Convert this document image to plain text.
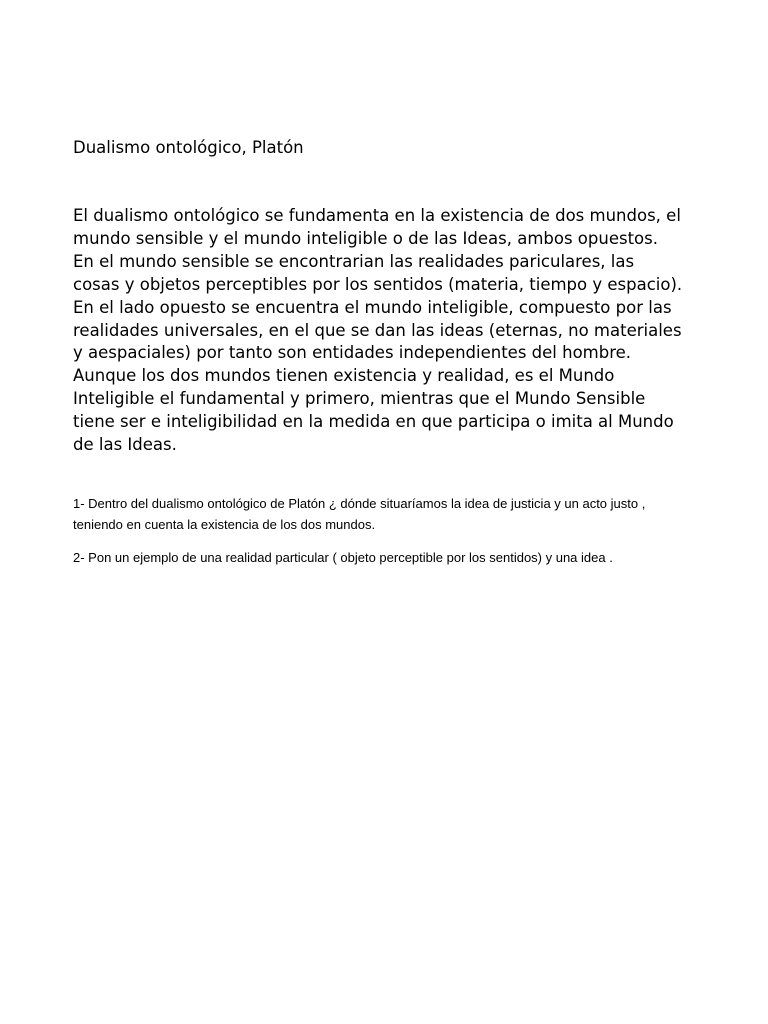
Dualismo ontológico, Platón

El dualismo ontológico se fundamenta en la existencia de dos mundos, el mundo sensible y el mundo inteligible o de las Ideas, ambos opuestos. En el mundo sensible se encontrarian las realidades pariculares, las cosas y objetos perceptibles por los sentidos (materia, tiempo y espacio). En el lado opuesto se encuentra el mundo inteligible, compuesto por las realidades universales, en el que se dan las ideas (eternas, no materiales y aespaciales) por tanto son entidades independientes del hombre. Aunque los dos mundos tienen existencia y realidad, es el Mundo Inteligible el fundamental y primero, mientras que el Mundo Sensible tiene ser e inteligibilidad en la medida en que participa o imita al Mundo de las Ideas.

1- Dentro del dualismo ontológico de Platón ¿ dónde situaríamos la idea de justicia y un acto justo , teniendo en cuenta la existencia de los dos mundos.

2- Pon un ejemplo de una realidad particular ( objeto perceptible por los sentidos) y una idea .
